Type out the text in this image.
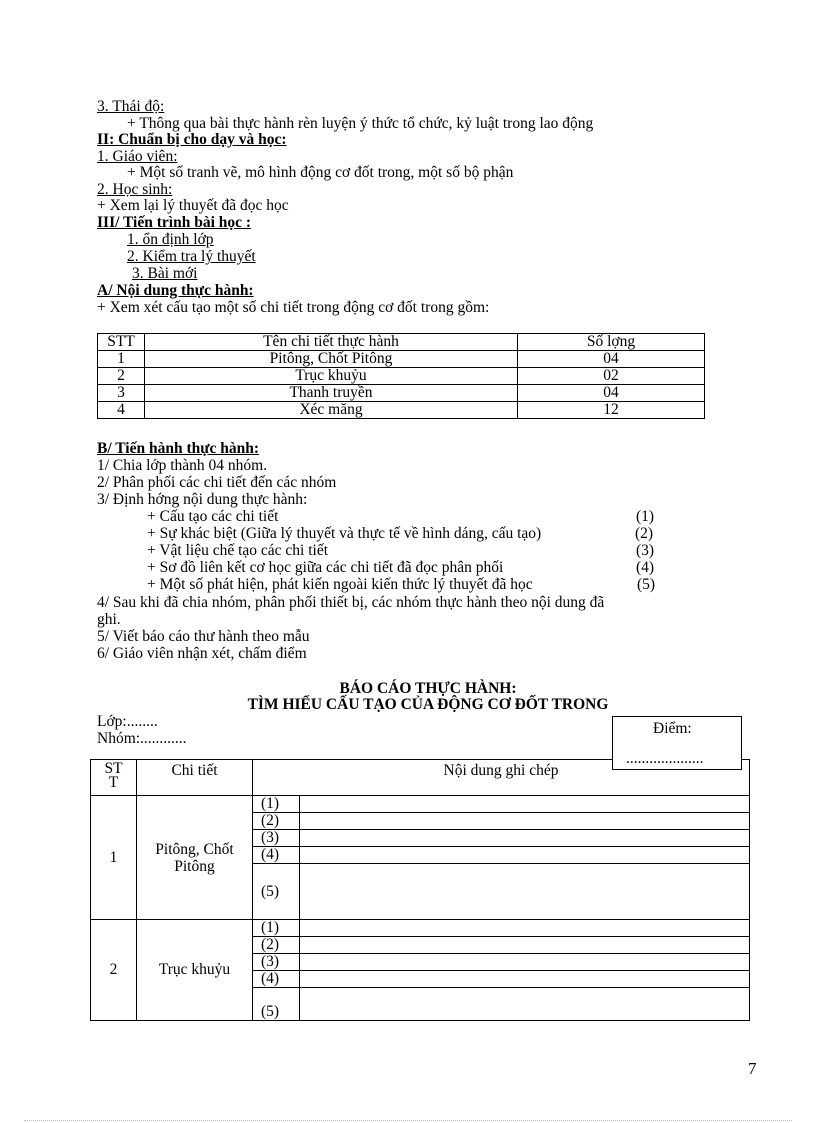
3. Thái độ:
+ Thông qua bài thực hành rèn luyện ý thức tổ chức, kỷ luật trong lao động
II: Chuẩn bị cho dạy và học:
1. Giáo viên:
+ Một số tranh vẽ, mô hình động cơ đốt trong, một số bộ phận
2. Học sinh:
+ Xem lại lý thuyết đã đọc học
III/ Tiến trình bài học :
1. ổn định lớp
2. Kiểm tra lý thuyết
3. Bài mới
A/ Nội dung thực hành:
+ Xem xét cấu tạo một số chi tiết trong động cơ đốt trong gồm:
STT	Tên chi tiết thực hành	Số lợng
1	Pitông, Chốt Pitông	04
2	Trục khuỷu	02
3	Thanh truyền	04
4	Xéc măng	12
B/ Tiến hành thực hành:
1/ Chia lớp thành 04 nhóm.
2/ Phân phối các chi tiết đến các nhóm
3/ Định hớng nội dung thực hành:
+ Cấu tạo các chi tiết	(1)
+ Sự khác biệt (Giữa lý thuyết và thực tế về hình dáng, cấu tạo)	(2)
+ Vật liệu chế tạo các chi tiết	(3)
+ Sơ đồ liên kết cơ học giữa các chi tiết đã đọc phân phối	(4)
+ Một số phát hiện, phát kiến ngoài kiến thức lý thuyết đã học	(5)
4/ Sau khi đã chia nhóm, phân phối thiết bị, các nhóm thực hành theo nội dung đã
ghi.
5/ Viết báo cáo thư hành theo mẫu
6/ Giáo viên nhận xét, chấm điểm
BÁO CÁO THỰC HÀNH:
TÌM HIỂU CẤU TẠO CỦA ĐỘNG CƠ ĐỐT TRONG
Lớp:........
Nhóm:............
Điểm:
....................
ST T	Chi tiết	Nội dung ghi chép	
1	Pitông, Chốt Pitông	(1)	
		(2)	
		(3)	
		(4)	
		(5)	
2	Trục khuỷu	(1)	
		(2)	
		(3)	
		(4)	
		(5)	
7
